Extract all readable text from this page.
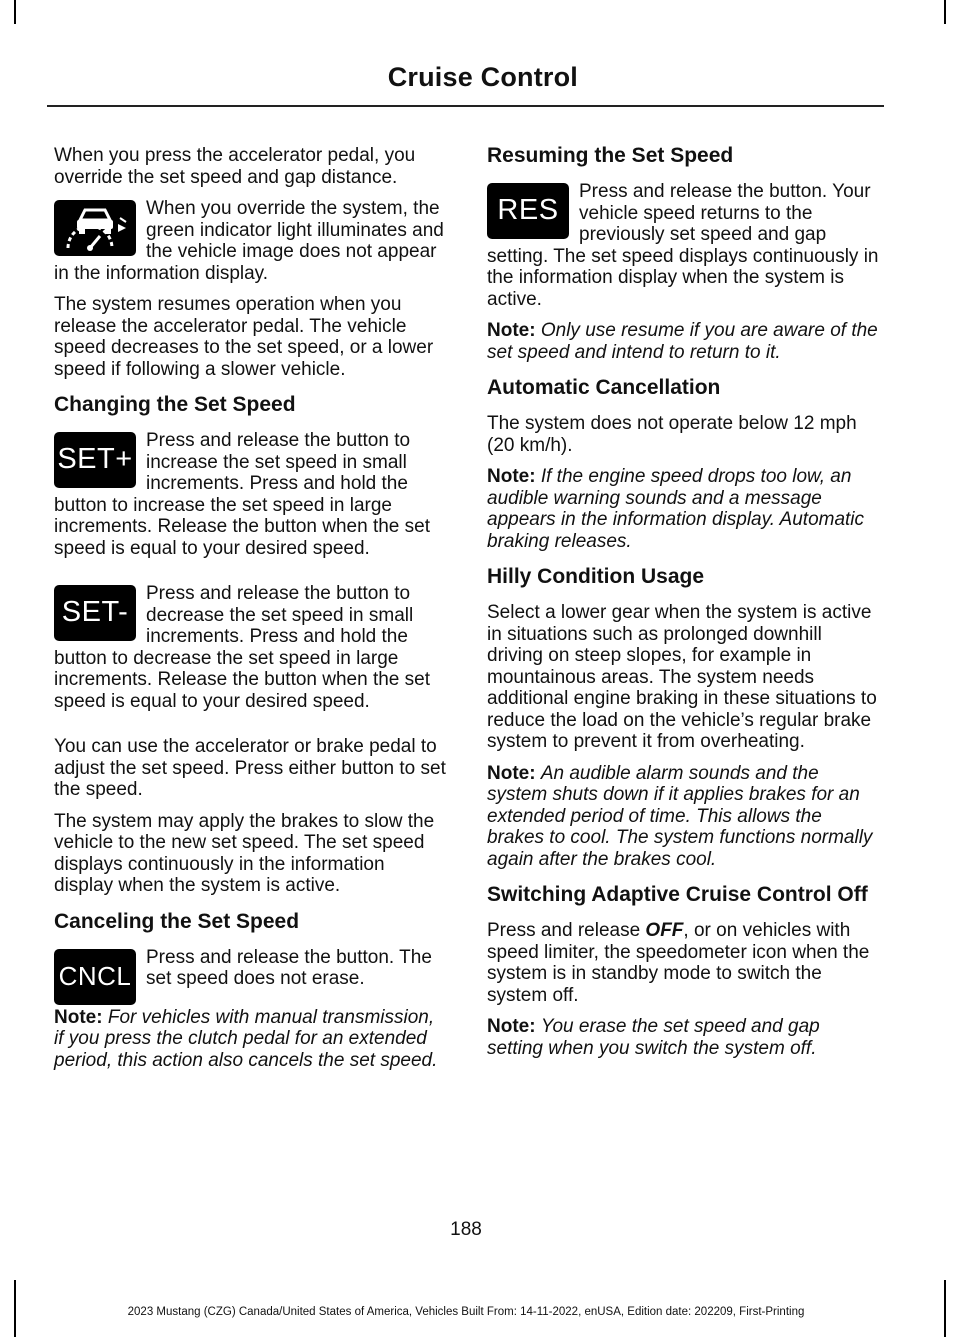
Cruise Control

When you press the accelerator pedal, you override the set speed and gap distance.

When you override the system, the green indicator light illuminates and the vehicle image does not appear in the information display.

The system resumes operation when you release the accelerator pedal. The vehicle speed decreases to the set speed, or a lower speed if following a slower vehicle.

Changing the Set Speed

SET+
Press and release the button to increase the set speed in small increments. Press and hold the button to increase the set speed in large increments. Release the button when the set speed is equal to your desired speed.

SET-
Press and release the button to decrease the set speed in small increments. Press and hold the button to decrease the set speed in large increments. Release the button when the set speed is equal to your desired speed.

You can use the accelerator or brake pedal to adjust the set speed. Press either button to set the speed.

The system may apply the brakes to slow the vehicle to the new set speed. The set speed displays continuously in the information display when the system is active.

Canceling the Set Speed

CNCL
Press and release the button. The set speed does not erase.

Note: For vehicles with manual transmission, if you press the clutch pedal for an extended period, this action also cancels the set speed.

Resuming the Set Speed

RES
Press and release the button. Your vehicle speed returns to the previously set speed and gap setting. The set speed displays continuously in the information display when the system is active.

Note: Only use resume if you are aware of the set speed and intend to return to it.

Automatic Cancellation

The system does not operate below 12 mph (20 km/h).

Note: If the engine speed drops too low, an audible warning sounds and a message appears in the information display. Automatic braking releases.

Hilly Condition Usage

Select a lower gear when the system is active in situations such as prolonged downhill driving on steep slopes, for example in mountainous areas. The system needs additional engine braking in these situations to reduce the load on the vehicle’s regular brake system to prevent it from overheating.

Note: An audible alarm sounds and the system shuts down if it applies brakes for an extended period of time. This allows the brakes to cool. The system functions normally again after the brakes cool.

Switching Adaptive Cruise Control Off

Press and release OFF, or on vehicles with speed limiter, the speedometer icon when the system is in standby mode to switch the system off.

Note: You erase the set speed and gap setting when you switch the system off.

188
2023 Mustang (CZG) Canada/United States of America, Vehicles Built From: 14-11-2022, enUSA, Edition date: 202209, First-Printing
